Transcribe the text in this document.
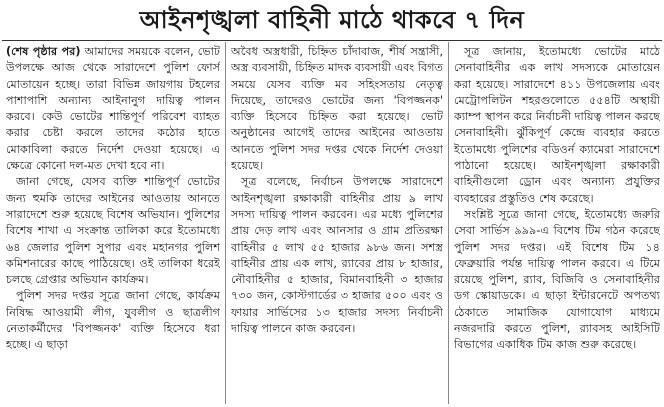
আইনশৃঙ্খলা বাহিনী মাঠে থাকবে ৭ দিন

(শেষ পৃষ্ঠার পর) আমাদের সময়কে বলেন, ভোট উপলক্ষে আজ থেকে সারাদেশে পুলিশ ফোর্স মোতায়েন হচ্ছে। তারা বিভিন্ন জায়গায় টহলের পাশাপাশি অন্যান্য আইনানুগ দায়িত্ব পালন করবে। কেউ ভোটের শান্তিপূর্ণ পরিবেশ ব্যাহত করার চেষ্টা করলে তাদের কঠোর হাতে মোকাবিলা করতে নির্দেশ দেওয়া হয়েছে। এ ক্ষেত্রে কোনো দল-মত দেখা হবে না।

জানা গেছে, যেসব ব্যক্তি শান্তিপূর্ণ ভোটের জন্য হুমকি তাদের আইনের আওতায় আনতে সারাদেশে শুরু হয়েছে বিশেষ অভিযান। পুলিশের বিশেষ শাখা এ সংক্রান্ত তালিকা করে ইতোমধ্যে ৬৪ জেলার পুলিশ সুপার এবং মহানগর পুলিশ কমিশনারের কাছে পাঠিয়েছে। ওই তালিকা ধরেই চলছে গ্রেপ্তার অভিযান কার্যক্রম।

পুলিশ সদর দপ্তর সূত্রে জানা গেছে, কার্যক্রম নিষিদ্ধ আওয়ামী লীগ, যুবলীগ ও ছাত্রলীগ নেতাকর্মীদের 'বিপজ্জনক' ব্যক্তি হিসেবে ধরা হচ্ছে। এ ছাড়া

অবৈধ অস্ত্রধারী, চিহ্নিত চাঁদাবাজ, শীর্ষ সন্ত্রাসী, অস্ত্র ব্যবসায়ী, চিহ্নিত মাদক ব্যবসায়ী এবং বিগত সময়ে যেসব ব্যক্তি মব সহিংসতায় নেতৃত্ব দিয়েছে, তাদেরও ভোটের জন্য 'বিপজ্জনক' ব্যক্তি হিসেবে চিহ্নিত করা হয়েছে। ভোট অনুষ্ঠানের আগেই তাদের আইনের আওতায় আনতে পুলিশ সদর দপ্তর থেকে নির্দেশ দেওয়া হয়েছে।

সূত্র বলেছে, নির্বাচন উপলক্ষে সারাদেশে আইনশৃঙ্খলা রক্ষাকারী বাহিনীর প্রায় ৯ লাখ সদস্য দায়িত্ব পালন করবেন। এর মধ্যে পুলিশের প্রায় দেড় লাখ এবং আনসার ও গ্রাম প্রতিরক্ষা বাহিনীর ৫ লাখ ৫৫ হাজার ৯৮৬ জন। সশস্ত্র বাহিনীর প্রায় এক লাখ, র‍্যাবের প্রায় ৮ হাজার, নৌবাহিনীর ৫ হাজার, বিমানবাহিনী ৩ হাজার ৭৩০ জন, কোস্টগার্ডের ৩ হাজার ৫০০ এবং ও ফায়ার সার্ভিসের ১৩ হাজার সদস্য নির্বাচনী দায়িত্ব পালনে কাজ করবেন।

সূত্র জানায়, ইতোমধ্যে ভোটের মাঠে সেনাবাহিনীর এক লাখ সদস্যকে মোতায়েন করা হয়েছে। সারাদেশে ৪১১ উপজেলায় এবং মেট্রোপলিটন শহরগুলোতে ৫৫৪টি অস্থায়ী ক্যাম্প স্থাপন করে নির্বাচনী দায়িত্ব পালন করছে সেনাবাহিনী। ঝুঁকিপূর্ণ কেন্দ্রে ব্যবহার করতে ইতোমধ্যে পুলিশের বডিওর্ন ক্যামেরা সারাদেশে পাঠানো হয়েছে। আইনশৃঙ্খলা রক্ষাকারী বাহিনীগুলো ড্রোন এবং অন্যান্য প্রযুক্তির ব্যবহারের প্রস্তুতিও শেষ করেছে।

সংশ্লিষ্ট সূত্রে জানা গেছে, ইতোমধ্যে জরুরি সেবা সার্ভিস ৯৯৯-এ বিশেষ টিম গঠন করেছে পুলিশ সদর দপ্তর। এই বিশেষ টিম ১৪ ফেব্রুয়ারি পর্যন্ত দায়িত্ব পালন করবে। এ টিমে রয়েছে পুলিশ, র‍্যাব, বিজিবি ও সেনাবাহিনীর ডগ স্কোয়াডকে। এ ছাড়া ইন্টারনেটে অপতথ্য ঠেকাতে সামাজিক যোগাযোগ মাধ্যমে নজরদারি করতে পুলিশ, র‍্যাবসহ আইসিটি বিভাগের একাধিক টিম কাজ শুরু করেছে।
